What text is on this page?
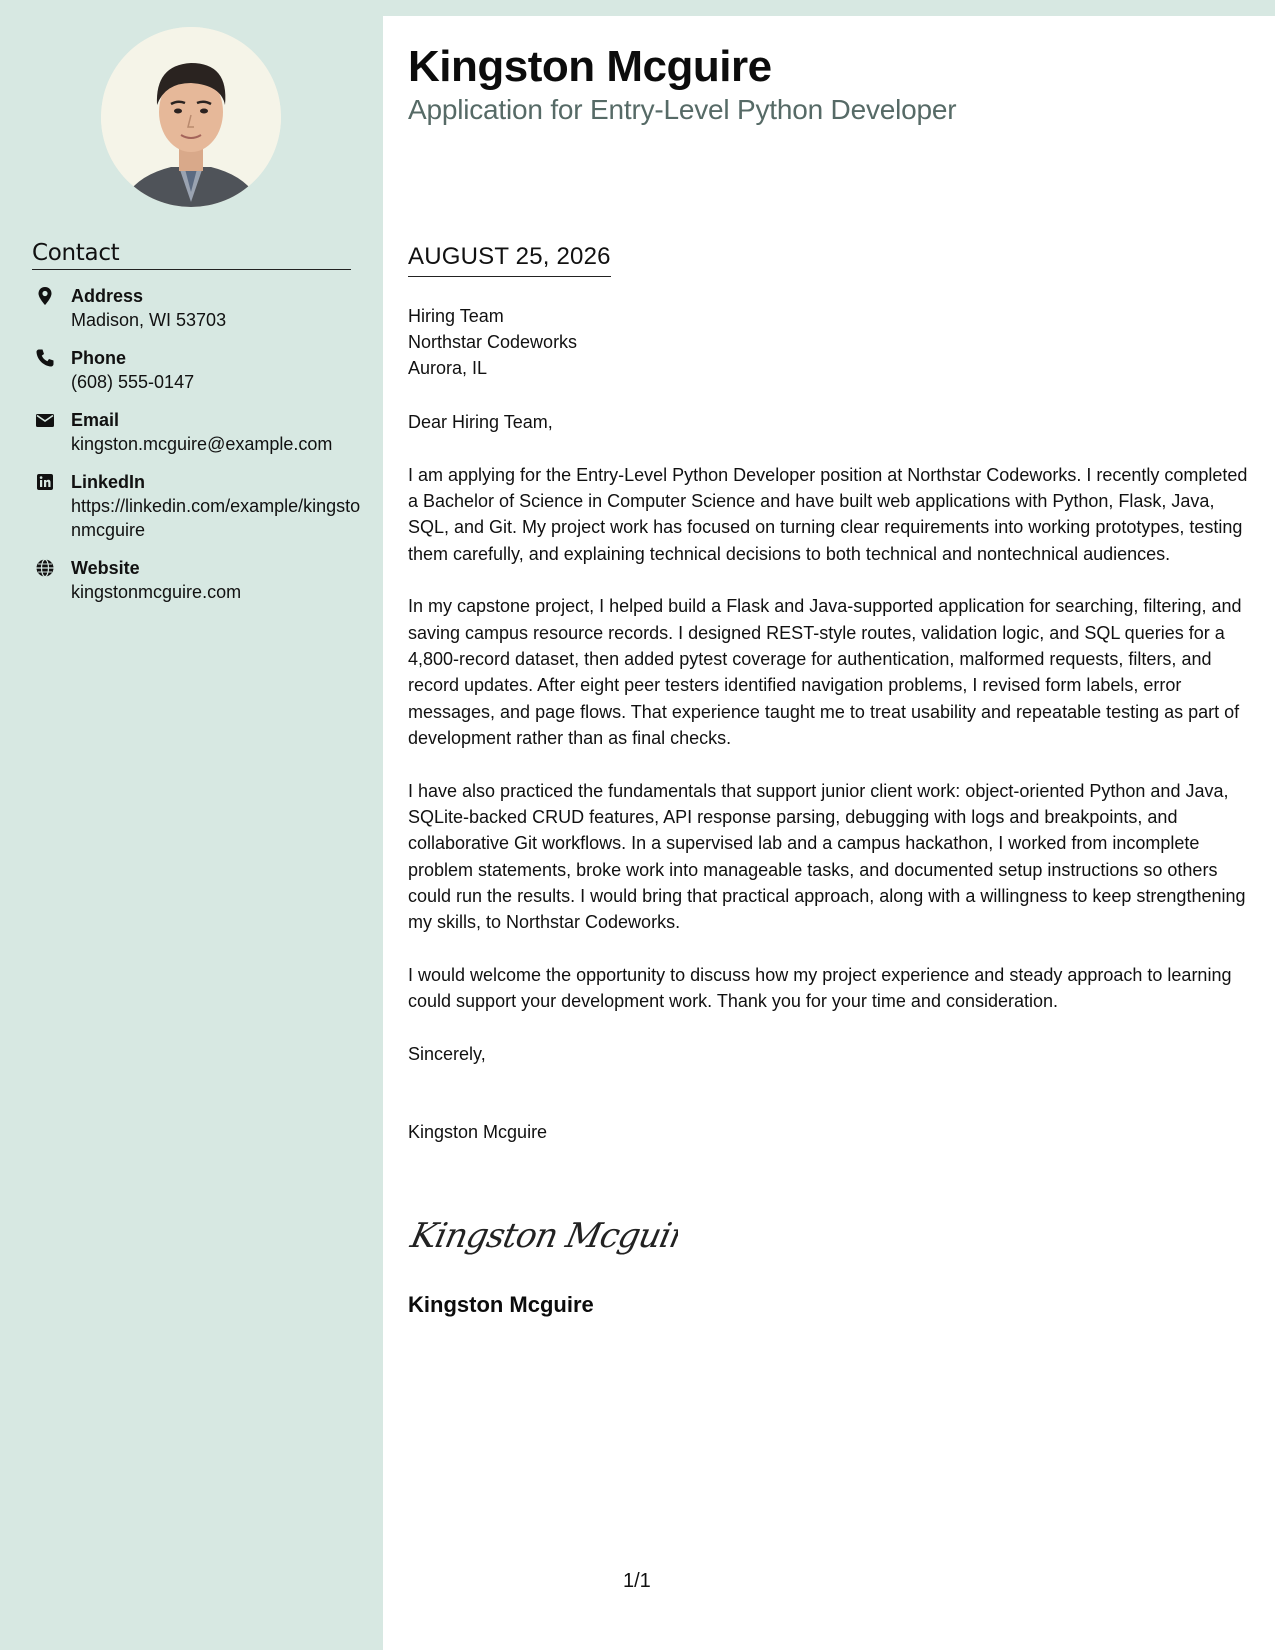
Contact
Address
Madison, WI 53703
Phone
(608) 555-0147
Email
kingston.mcguire@example.com
LinkedIn
https://linkedin.com/example/kingstonmcguire
Website
kingstonmcguire.com
Kingston Mcguire
Application for Entry-Level Python Developer
AUGUST 25, 2026
Hiring Team
Northstar Codeworks
Aurora, IL

Dear Hiring Team,

I am applying for the Entry-Level Python Developer position at Northstar Codeworks. I recently completed a Bachelor of Science in Computer Science and have built web applications with Python, Flask, Java, SQL, and Git. My project work has focused on turning clear requirements into working prototypes, testing them carefully, and explaining technical decisions to both technical and nontechnical audiences.

In my capstone project, I helped build a Flask and Java-supported application for searching, filtering, and saving campus resource records. I designed REST-style routes, validation logic, and SQL queries for a 4,800-record dataset, then added pytest coverage for authentication, malformed requests, filters, and record updates. After eight peer testers identified navigation problems, I revised form labels, error messages, and page flows. That experience taught me to treat usability and repeatable testing as part of development rather than as final checks.

I have also practiced the fundamentals that support junior client work: object-oriented Python and Java, SQLite-backed CRUD features, API response parsing, debugging with logs and breakpoints, and collaborative Git workflows. In a supervised lab and a campus hackathon, I worked from incomplete problem statements, broke work into manageable tasks, and documented setup instructions so others could run the results. I would bring that practical approach, along with a willingness to keep strengthening my skills, to Northstar Codeworks.

I would welcome the opportunity to discuss how my project experience and steady approach to learning could support your development work. Thank you for your time and consideration.

Sincerely,

Kingston Mcguire

Kingston Mcguir
Kingston Mcguire
1/1
